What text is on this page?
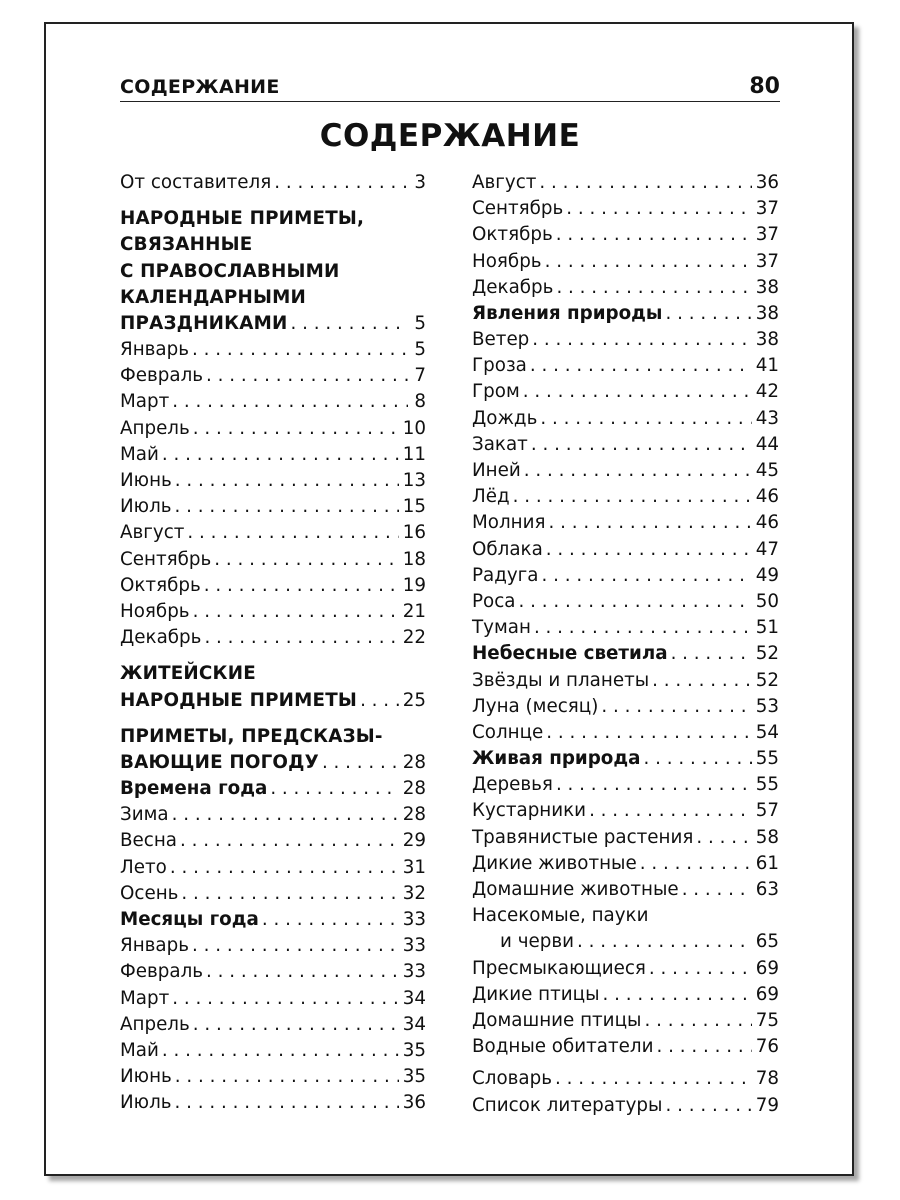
СОДЕРЖАНИЕ	80
СОДЕРЖАНИЕ
От составителя . . .	3
НАРОДНЫЕ ПРИМЕТЫ,
СВЯЗАННЫЕ
С ПРАВОСЛАВНЫМИ
КАЛЕНДАРНЫМИ
ПРАЗДНИКАМИ . . .	5
Январь . . .	5
Февраль . . .	7
Март . . .	8
Апрель . . .	10
Май . . .	11
Июнь . . .	13
Июль . . .	15
Август . . .	16
Сентябрь . . .	18
Октябрь . . .	19
Ноябрь . . .	21
Декабрь . . .	22
ЖИТЕЙСКИЕ
НАРОДНЫЕ ПРИМЕТЫ . . . 25
ПРИМЕТЫ, ПРЕДСКАЗЫ-
ВАЮЩИЕ ПОГОДУ . . .	28
Времена года . . .	28
Зима . . .	28
Весна . . .	29
Лето . . .	31
Осень . . .	32
Месяцы года . . .	33
Январь . . .	33
Февраль . . .	33
Март . . .	34
Апрель . . .	34
Май . . .	35
Июнь . . .	35
Июль . . .	36
Август . . .	36
Сентябрь . . .	37
Октябрь . . .	37
Ноябрь . . .	37
Декабрь . . .	38
Явления природы . . .	38
Ветер . . .	38
Гроза . . .	41
Гром . . .	42
Дождь . . .	43
Закат . . .	44
Иней . . .	45
Лёд . . .	46
Молния . . .	46
Облака . . .	47
Радуга . . .	49
Роса . . .	50
Туман . . .	51
Небесные светила . . .	52
Звёзды и планеты . . .	52
Луна (месяц) . . .	53
Солнце . . .	54
Живая природа . . .	55
Деревья . . .	55
Кустарники . . .	57
Травянистые растения . . .	58
Дикие животные . . .	61
Домашние животные . . .	63
Насекомые, пауки
и черви . . .	65
Пресмыкающиеся . . .	69
Дикие птицы . . .	69
Домашние птицы . . .	75
Водные обитатели . . .	76
Словарь . . .	78
Список литературы . . .	79
